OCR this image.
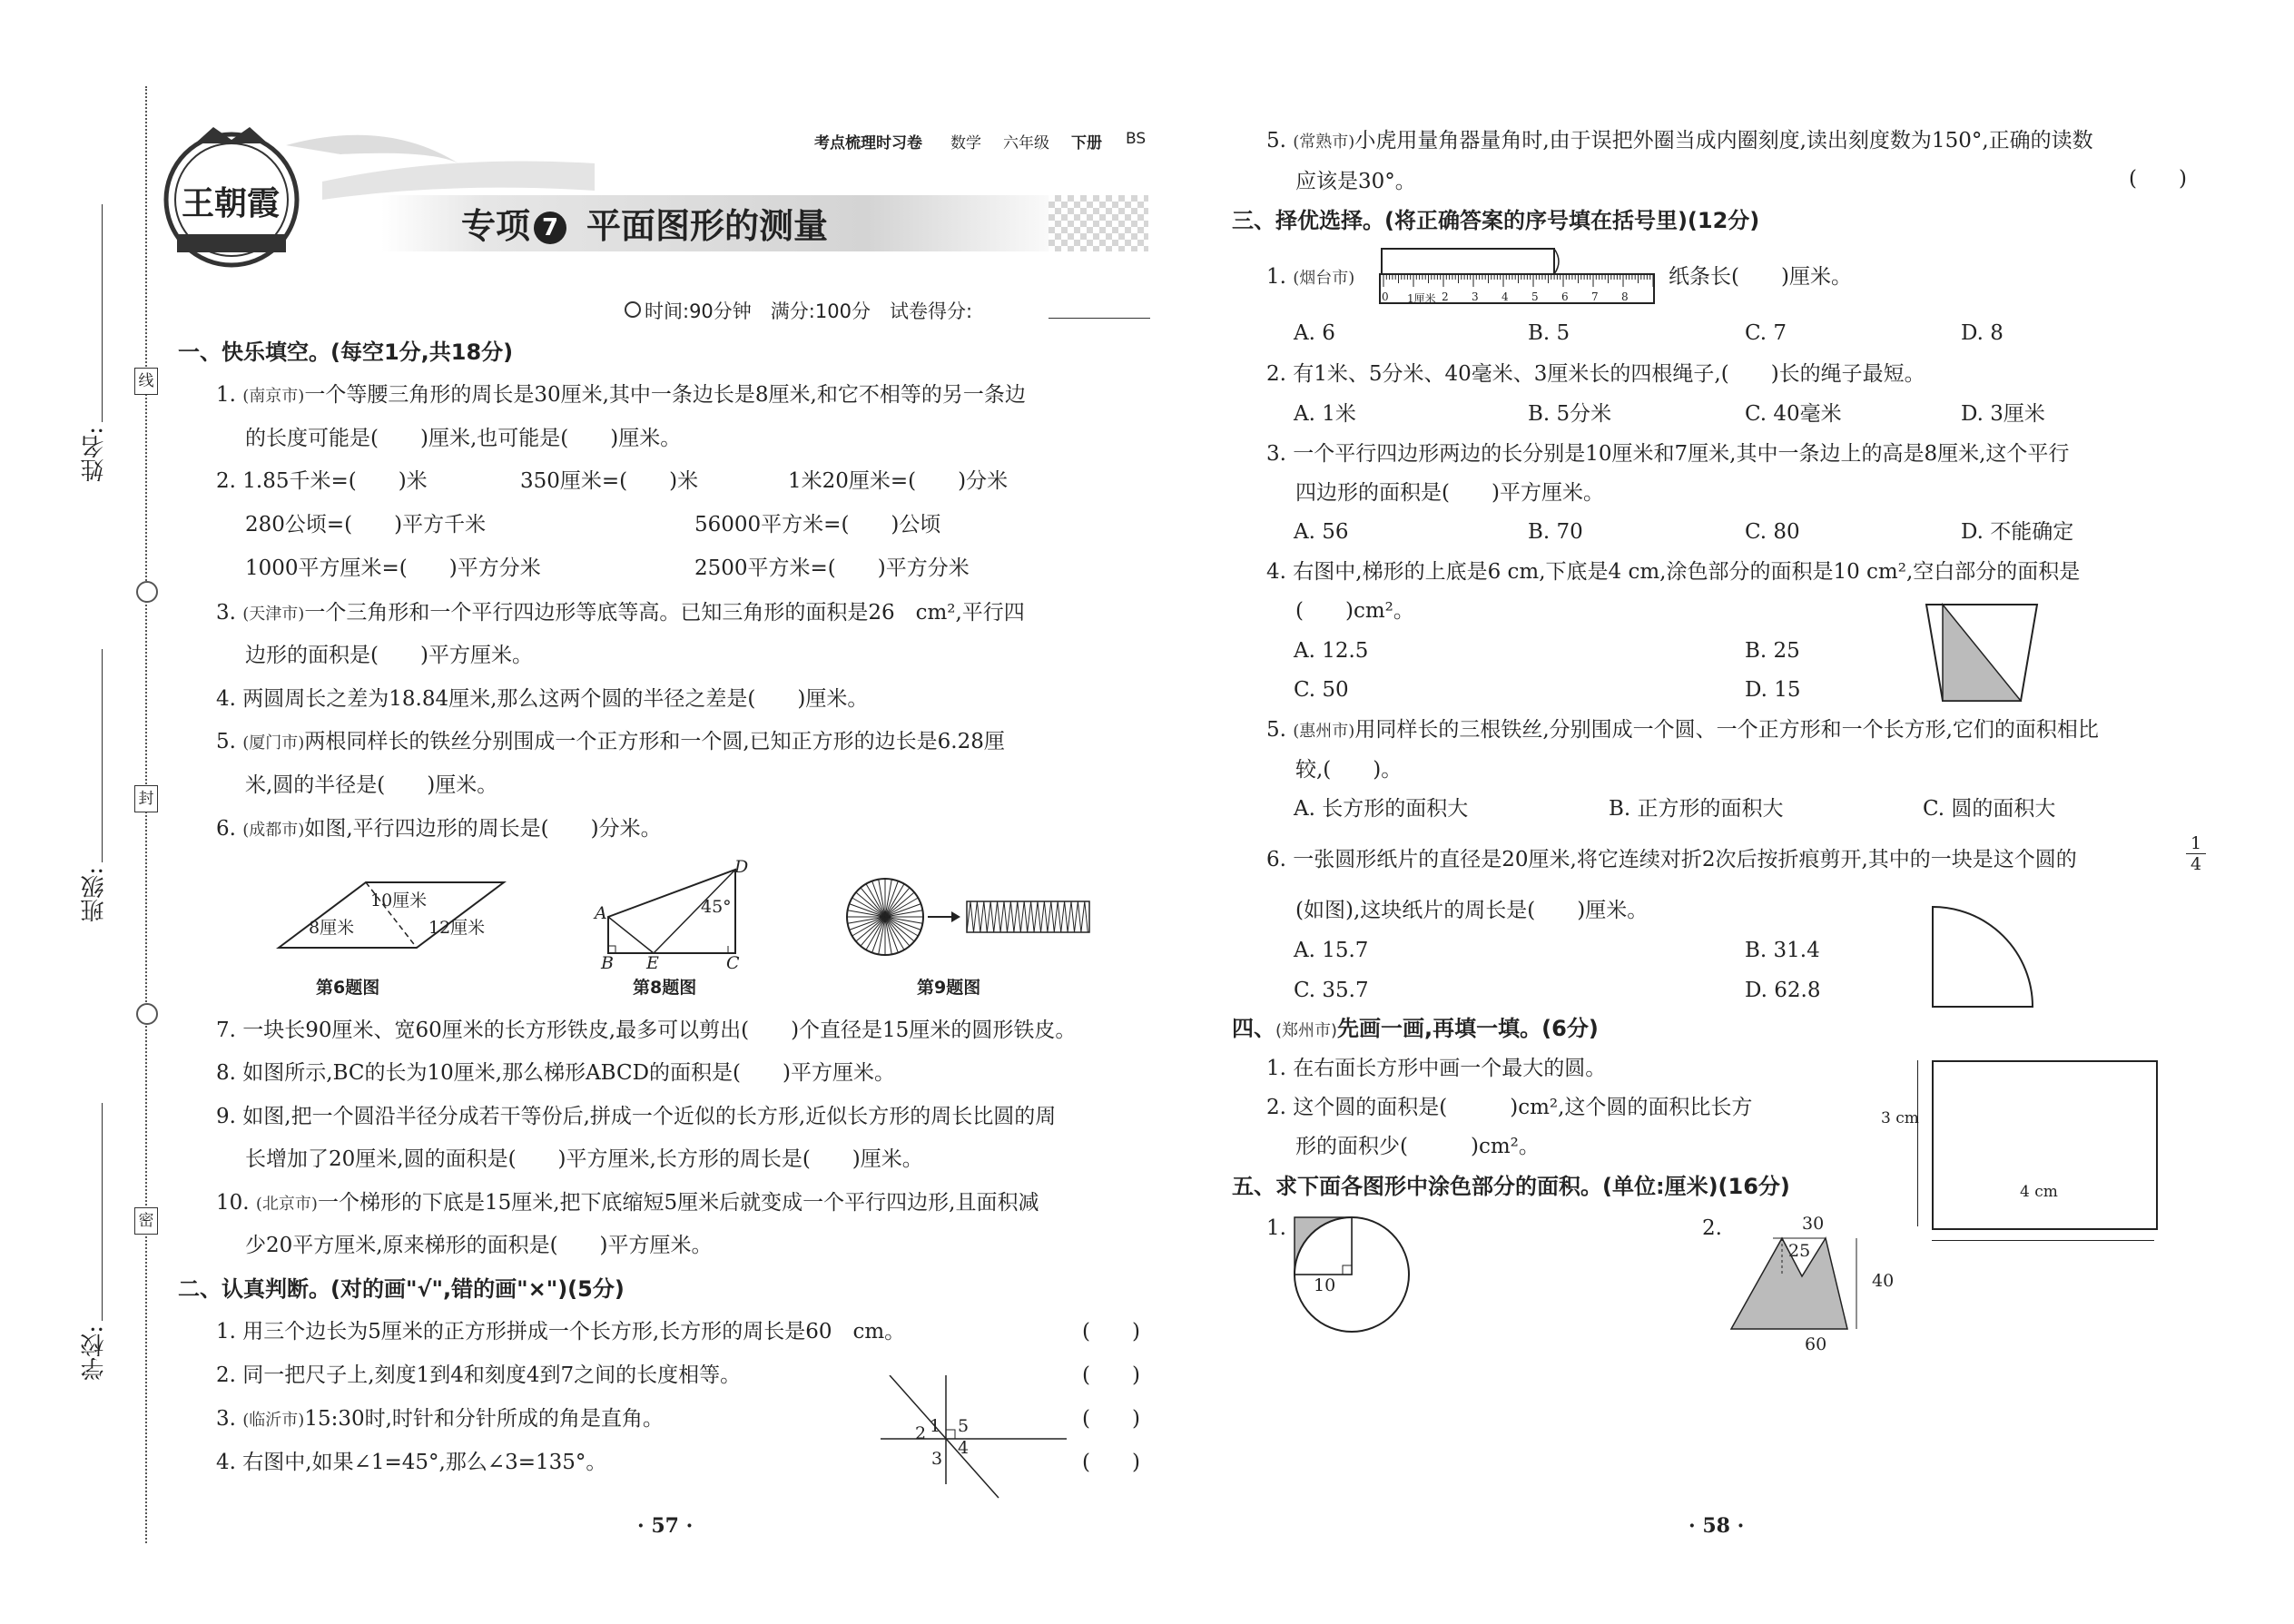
学校:
班级:
姓名:
线
封
密
王朝霞
考点梳理时习卷 数学 六年级 下册 BS
专项 7 平面图形的测量
时间:90分钟　满分:100分　试卷得分:
一、快乐填空。(每空1分,共18分)
1. (南京市)一个等腰三角形的周长是30厘米,其中一条边长是8厘米,和它不相等的另一条边
的长度可能是(　　)厘米,也可能是(　　)厘米。
2. 1.85千米=(　　)米	350厘米=(　　)米	1米20厘米=(　　)分米
280公顷=(　　)平方千米	56000平方米=(　　)公顷
1000平方厘米=(　　)平方分米	2500平方米=(　　)平方分米
3. (天津市)一个三角形和一个平行四边形等底等高。已知三角形的面积是26　cm²,平行四
边形的面积是(　　)平方厘米。
4. 两圆周长之差为18.84厘米,那么这两个圆的半径之差是(　　)厘米。
5. (厦门市)两根同样长的铁丝分别围成一个正方形和一个圆,已知正方形的边长是6.28厘
米,圆的半径是(　　)厘米。
6. (成都市)如图,平行四边形的周长是(　　)分米。
10厘米
8厘米	12厘米
第6题图
D
A	45°
B E	C
第8题图	第9题图
7. 一块长90厘米、宽60厘米的长方形铁皮,最多可以剪出(　　)个直径是15厘米的圆形铁皮。
8. 如图所示,BC的长为10厘米,那么梯形ABCD的面积是(　　)平方厘米。
9. 如图,把一个圆沿半径分成若干等份后,拼成一个近似的长方形,近似长方形的周长比圆的周
长增加了20厘米,圆的面积是(　　)平方厘米,长方形的周长是(　　)厘米。
10. (北京市)一个梯形的下底是15厘米,把下底缩短5厘米后就变成一个平行四边形,且面积减
少20平方厘米,原来梯形的面积是(　　)平方厘米。
二、认真判断。(对的画"√",错的画"×")(5分)
1. 用三个边长为5厘米的正方形拼成一个长方形,长方形的周长是60　cm。	(　　)
2. 同一把尺子上,刻度1到4和刻度4到7之间的长度相等。	(　　)
3. (临沂市)15:30时,时针和分针所成的角是直角。	(　　)
4. 右图中,如果∠1=45°,那么∠3=135°。	(　　)
1
2 5
4
3
· 57 ·
5. (常熟市)小虎用量角器量角时,由于误把外圈当成内圈刻度,读出刻度数为150°,正确的读数
应该是30°。	(　　)
三、择优选择。(将正确答案的序号填在括号里)(12分)
1. (烟台市)
0 1厘米 2 3 4 5 6 7 8
纸条长(　　)厘米。
A. 6	B. 5	C. 7	D. 8
2. 有1米、5分米、40毫米、3厘米长的四根绳子,(　　)长的绳子最短。
A. 1米	B. 5分米	C. 40毫米	D. 3厘米
3. 一个平行四边形两边的长分别是10厘米和7厘米,其中一条边上的高是8厘米,这个平行
四边形的面积是(　　)平方厘米。
A. 56	B. 70	C. 80	D. 不能确定
4. 右图中,梯形的上底是6 cm,下底是4 cm,涂色部分的面积是10 cm²,空白部分的面积是
(　　)cm²。
A. 12.5	B. 25
C. 50	D. 15
5. (惠州市)用同样长的三根铁丝,分别围成一个圆、一个正方形和一个长方形,它们的面积相比
较,(　　)。
A. 长方形的面积大	B. 正方形的面积大	C. 圆的面积大
6. 一张圆形纸片的直径是20厘米,将它连续对折2次后按折痕剪开,其中的一块是这个圆的
1
4
(如图),这块纸片的周长是(　　)厘米。
A. 15.7	B. 31.4
C. 35.7	D. 62.8
四、(郑州市)先画一画,再填一填。(6分)
1. 在右面长方形中画一个最大的圆。
2. 这个圆的面积是(　　　)cm²,这个圆的面积比长方
形的面积少(　　　)cm²。
3 cm
4 cm
五、求下面各图形中涂色部分的面积。(单位:厘米)(16分)
1.
10
2.	30
25
40
60
· 58 ·
